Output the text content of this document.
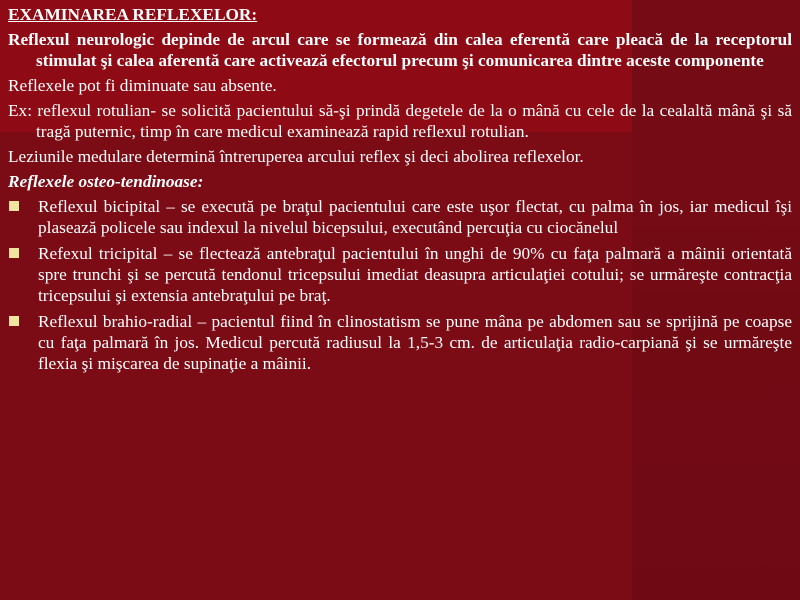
EXAMINAREA REFLEXELOR:

Reflexul neurologic depinde de arcul care se formează din calea eferentă care pleacă de la receptorul stimulat şi calea aferentă care activează efectorul precum şi comunicarea dintre aceste componente

Reflexele pot fi diminuate sau absente.

Ex: reflexul rotulian- se solicită pacientului să-şi prindă degetele de la o mână cu cele de la cealaltă mână şi să tragă puternic, timp în care medicul examinează rapid reflexul rotulian.

Leziunile medulare determină întreruperea arcului reflex şi deci abolirea reflexelor.

Reflexele osteo-tendinoase:

Reflexul bicipital – se execută pe braţul pacientului care este uşor flectat, cu palma în jos, iar medicul îşi plasează policele sau indexul la nivelul bicepsului, executând percuţia cu ciocănelul
Refexul tricipital – se flectează antebraţul pacientului în unghi de 90% cu faţa palmară a mâinii orientată spre trunchi şi se percută tendonul tricepsului imediat deasupra articulaţiei cotului; se urmăreşte contracţia tricepsului şi extensia antebraţului pe braţ.
Reflexul brahio-radial – pacientul fiind în clinostatism se pune mâna pe abdomen sau se sprijină pe coapse cu faţa palmară în jos. Medicul percută radiusul la 1,5-3 cm. de articulaţia radio-carpiană şi se urmăreşte flexia şi mişcarea de supinaţie a mâinii.
